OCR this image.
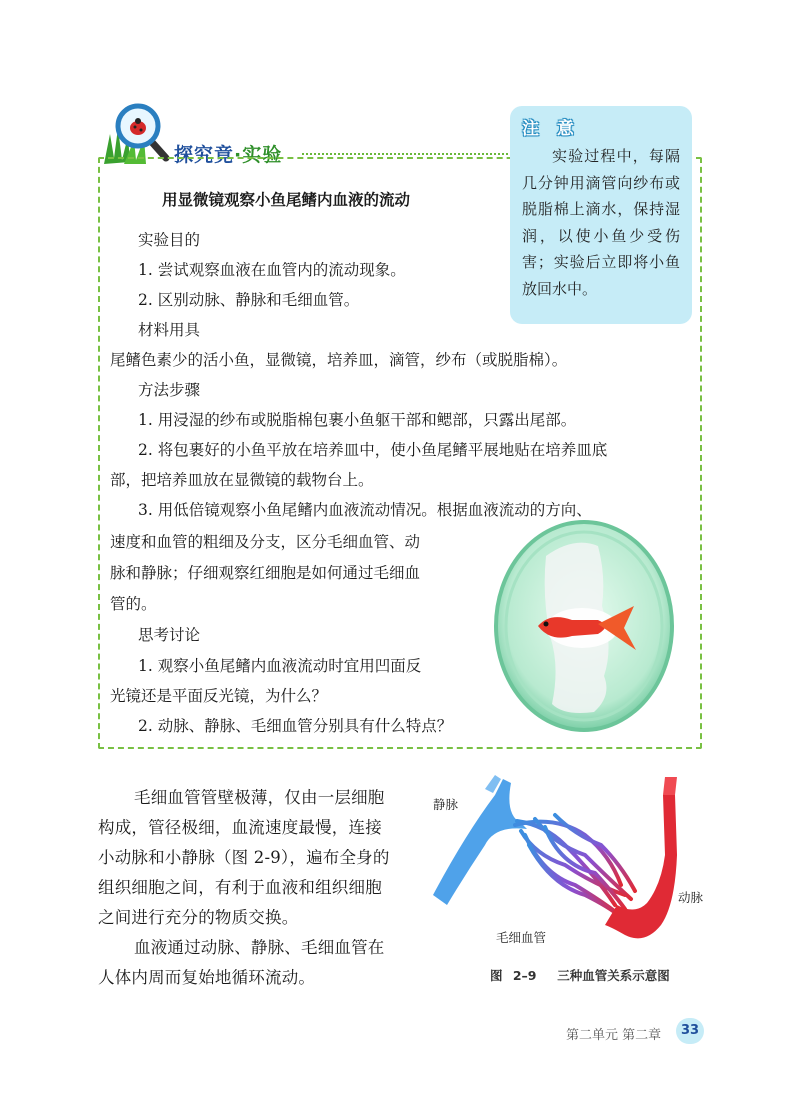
探究竟·实验
注 意
实验过程中，每隔几分钟用滴管向纱布或脱脂棉上滴水，保持湿润，以使小鱼少受伤害；实验后立即将小鱼放回水中。
用显微镜观察小鱼尾鳍内血液的流动
实验目的
1. 尝试观察血液在血管内的流动现象。
2. 区别动脉、静脉和毛细血管。
材料用具
尾鳍色素少的活小鱼，显微镜，培养皿，滴管，纱布（或脱脂棉）。
方法步骤
1. 用浸湿的纱布或脱脂棉包裹小鱼躯干部和鳃部，只露出尾部。
2. 将包裹好的小鱼平放在培养皿中，使小鱼尾鳍平展地贴在培养皿底
部，把培养皿放在显微镜的载物台上。
3. 用低倍镜观察小鱼尾鳍内血液流动情况。根据血液流动的方向、
速度和血管的粗细及分支，区分毛细血管、动
脉和静脉；仔细观察红细胞是如何通过毛细血
管的。
思考讨论
1. 观察小鱼尾鳍内血液流动时宜用凹面反
光镜还是平面反光镜，为什么？
2. 动脉、静脉、毛细血管分别具有什么特点？
毛细血管管壁极薄，仅由一层细胞
构成，管径极细，血流速度最慢，连接
小动脉和小静脉（图 2-9），遍布全身的
组织细胞之间，有利于血液和组织细胞
之间进行充分的物质交换。
血液通过动脉、静脉、毛细血管在
人体内周而复始地循环流动。
静脉
动脉
毛细血管
图 2–9 三种血管关系示意图
第二单元 第二章	33
